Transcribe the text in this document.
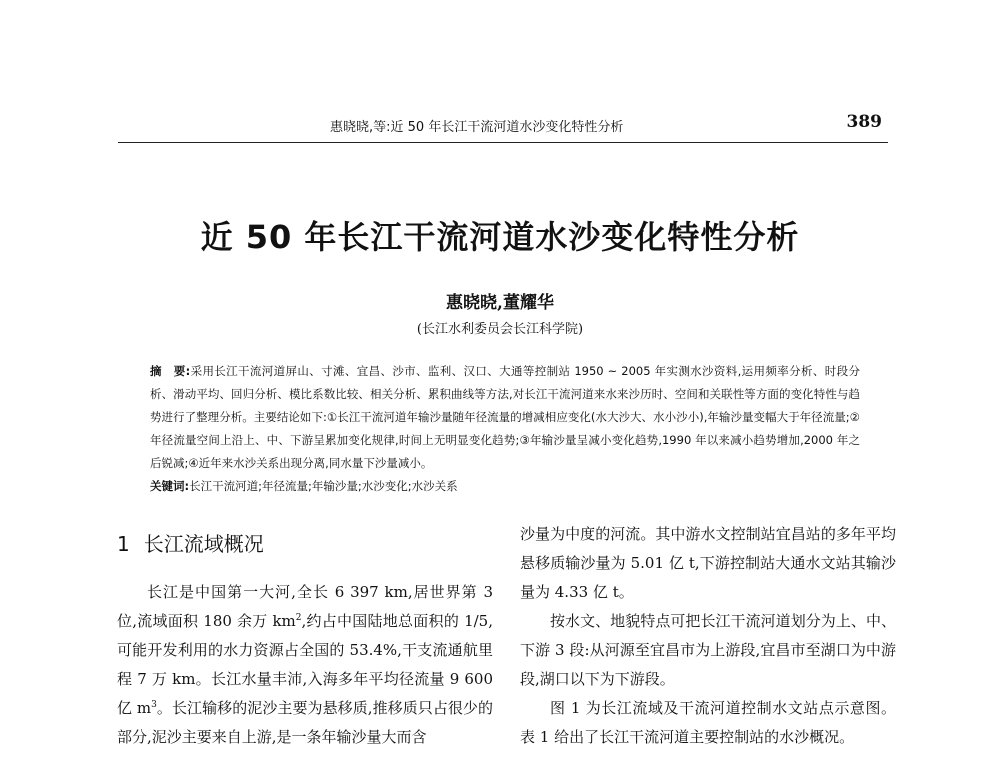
惠晓晓,等:近 50 年长江干流河道水沙变化特性分析	389
近 50 年长江干流河道水沙变化特性分析
惠晓晓,董耀华
(长江水利委员会长江科学院)

摘　要:采用长江干流河道屏山、寸滩、宜昌、沙市、监利、汉口、大通等控制站 1950 ~ 2005 年实测水沙资料,运用频率分析、时段分析、滑动平均、回归分析、模比系数比较、相关分析、累积曲线等方法,对长江干流河道来水来沙历时、空间和关联性等方面的变化特性与趋势进行了整理分析。主要结论如下:①长江干流河道年输沙量随年径流量的增减相应变化(水大沙大、水小沙小),年输沙量变幅大于年径流量;②年径流量空间上沿上、中、下游呈累加变化规律,时间上无明显变化趋势;③年输沙量呈减小变化趋势,1990 年以来减小趋势增加,2000 年之后锐减;④近年来水沙关系出现分离,同水量下沙量减小。

关键词:长江干流河道;年径流量;年输沙量;水沙变化;水沙关系

1 长江流域概况

长江是中国第一大河,全长 6 397 km,居世界第 3 位,流域面积 180 余万 $km^2$,约占中国陆地总面积的 1/5,可能开发利用的水力资源占全国的 53.4%,干支流通航里程 7 万 km。长江水量丰沛,入海多年平均径流量 9 600 亿 $m^3$。长江输移的泥沙主要为悬移质,推移质只占很少的部分,泥沙主要来自上游,是一条年输沙量大而含

沙量为中度的河流。其中游水文控制站宜昌站的多年平均悬移质输沙量为 5.01 亿 t,下游控制站大通水文站其输沙量为 4.33 亿 t。

按水文、地貌特点可把长江干流河道划分为上、中、下游 3 段:从河源至宜昌市为上游段,宜昌市至湖口为中游段,湖口以下为下游段。

图 1 为长江流域及干流河道控制水文站点示意图。表 1 给出了长江干流河道主要控制站的水沙概况。
